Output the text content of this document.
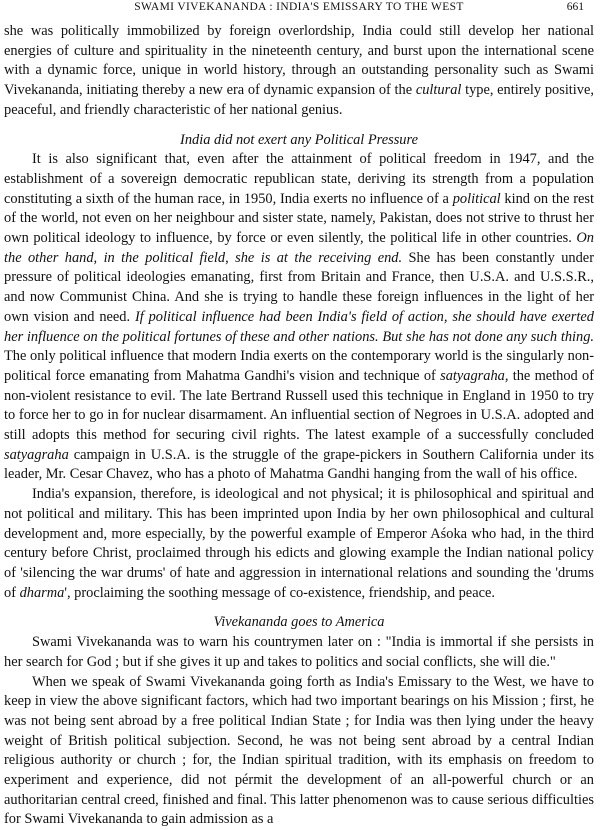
SWAMI VIVEKANANDA : INDIA'S EMISSARY TO THE WEST	661

she was politically immobilized by foreign overlordship, India could still develop her national energies of culture and spirituality in the nineteenth century, and burst upon the international scene with a dynamic force, unique in world history, through an outstanding personality such as Swami Vivekananda, initiating thereby a new era of dynamic expansion of the cultural type, entirely positive, peaceful, and friendly characteristic of her national genius.

India did not exert any Political Pressure

It is also significant that, even after the attainment of political freedom in 1947, and the establishment of a sovereign democratic republican state, deriving its strength from a population constituting a sixth of the human race, in 1950, India exerts no influence of a political kind on the rest of the world, not even on her neighbour and sister state, namely, Pakistan, does not strive to thrust her own political ideology to influence, by force or even silently, the political life in other countries. On the other hand, in the political field, she is at the receiving end. She has been constantly under pressure of political ideologies emanating, first from Britain and France, then U.S.A. and U.S.S.R., and now Communist China. And she is trying to handle these foreign influences in the light of her own vision and need. If political influence had been India's field of action, she should have exerted her influence on the political fortunes of these and other nations. But she has not done any such thing. The only political influence that modern India exerts on the contemporary world is the singularly non-political force emanating from Mahatma Gandhi's vision and technique of satyagraha, the method of non-violent resistance to evil. The late Bertrand Russell used this technique in England in 1950 to try to force her to go in for nuclear disarmament. An influential section of Negroes in U.S.A. adopted and still adopts this method for securing civil rights. The latest example of a successfully concluded satyagraha campaign in U.S.A. is the struggle of the grape-pickers in Southern California under its leader, Mr. Cesar Chavez, who has a photo of Mahatma Gandhi hanging from the wall of his office.

India's expansion, therefore, is ideological and not physical; it is philosophical and spiritual and not political and military. This has been imprinted upon India by her own philosophical and cultural development and, more especially, by the powerful example of Emperor Aśoka who had, in the third century before Christ, proclaimed through his edicts and glowing example the Indian national policy of 'silencing the war drums' of hate and aggression in international relations and sounding the 'drums of dharma', proclaiming the soothing message of co-existence, friendship, and peace.

Vivekananda goes to America

Swami Vivekananda was to warn his countrymen later on : "India is immortal if she persists in her search for God ; but if she gives it up and takes to politics and social conflicts, she will die."

When we speak of Swami Vivekananda going forth as India's Emissary to the West, we have to keep in view the above significant factors, which had two important bearings on his Mission ; first, he was not being sent abroad by a free political Indian State ; for India was then lying under the heavy weight of British political subjection. Second, he was not being sent abroad by a central Indian religious authority or church ; for, the Indian spiritual tradition, with its emphasis on freedom to experiment and experience, did not pérmit the development of an all-powerful church or an authoritarian central creed, finished and final. This latter phenomenon was to cause serious difficulties for Swami Vivekananda to gain admission as a
